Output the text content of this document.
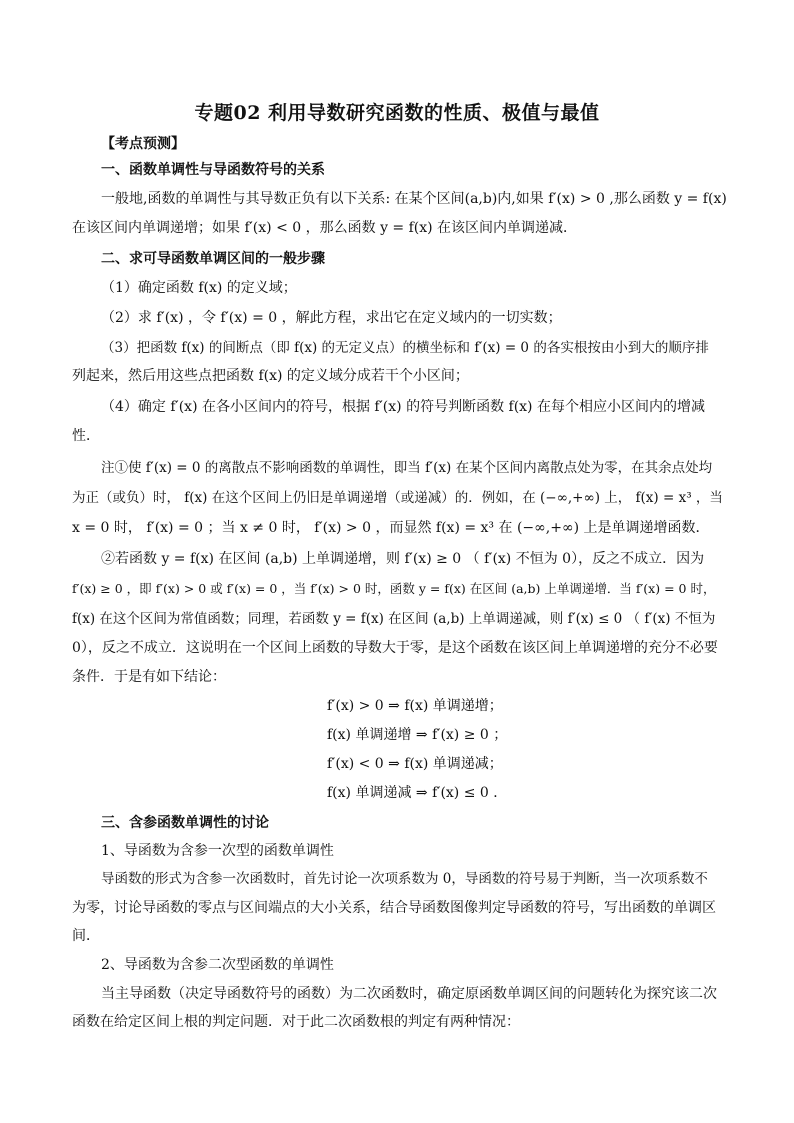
专题02 利用导数研究函数的性质、极值与最值
【考点预测】
一、函数单调性与导函数符号的关系
一般地,函数的单调性与其导数正负有以下关系: 在某个区间(a,b)内,如果 f′(x) > 0 ,那么函数 y = f(x)
在该区间内单调递增；如果 f′(x) < 0 ，那么函数 y = f(x) 在该区间内单调递减．
二、求可导函数单调区间的一般步骤
（1）确定函数 f(x) 的定义域；
（2）求 f′(x) ，令 f′(x) = 0 ，解此方程，求出它在定义域内的一切实数；
（3）把函数 f(x) 的间断点（即 f(x) 的无定义点）的横坐标和 f′(x) = 0 的各实根按由小到大的顺序排
列起来，然后用这些点把函数 f(x) 的定义域分成若干个小区间；
（4）确定 f′(x) 在各小区间内的符号，根据 f′(x) 的符号判断函数 f(x) 在每个相应小区间内的增减
性．
注①使 f′(x) = 0 的离散点不影响函数的单调性，即当 f′(x) 在某个区间内离散点处为零，在其余点处均
为正（或负）时， f(x) 在这个区间上仍旧是单调递增（或递减）的．例如，在 (−∞,+∞) 上， f(x) = x³ ，当
x = 0 时， f′(x) = 0 ；当 x ≠ 0 时， f′(x) > 0 ，而显然 f(x) = x³ 在 (−∞,+∞) 上是单调递增函数．
②若函数 y = f(x) 在区间 (a,b) 上单调递增，则 f′(x) ≥ 0 （ f′(x) 不恒为 0），反之不成立．因为
f′(x) ≥ 0 ，即 f′(x) > 0 或 f′(x) = 0 ，当 f′(x) > 0 时，函数 y = f(x) 在区间 (a,b) 上单调递增．当 f′(x) = 0 时，
f(x) 在这个区间为常值函数；同理，若函数 y = f(x) 在区间 (a,b) 上单调递减，则 f′(x) ≤ 0 （ f′(x) 不恒为
0），反之不成立．这说明在一个区间上函数的导数大于零，是这个函数在该区间上单调递增的充分不必要
条件．于是有如下结论：
f′(x) > 0 ⇒ f(x) 单调递增；
f(x) 单调递增 ⇒ f′(x) ≥ 0 ；
f′(x) < 0 ⇒ f(x) 单调递减；
f(x) 单调递减 ⇒ f′(x) ≤ 0 ．
三、含参函数单调性的讨论
1、导函数为含参一次型的函数单调性
导函数的形式为含参一次函数时，首先讨论一次项系数为 0，导函数的符号易于判断，当一次项系数不
为零，讨论导函数的零点与区间端点的大小关系，结合导函数图像判定导函数的符号，写出函数的单调区
间．
2、导函数为含参二次型函数的单调性
当主导函数（决定导函数符号的函数）为二次函数时，确定原函数单调区间的问题转化为探究该二次
函数在给定区间上根的判定问题．对于此二次函数根的判定有两种情况：
